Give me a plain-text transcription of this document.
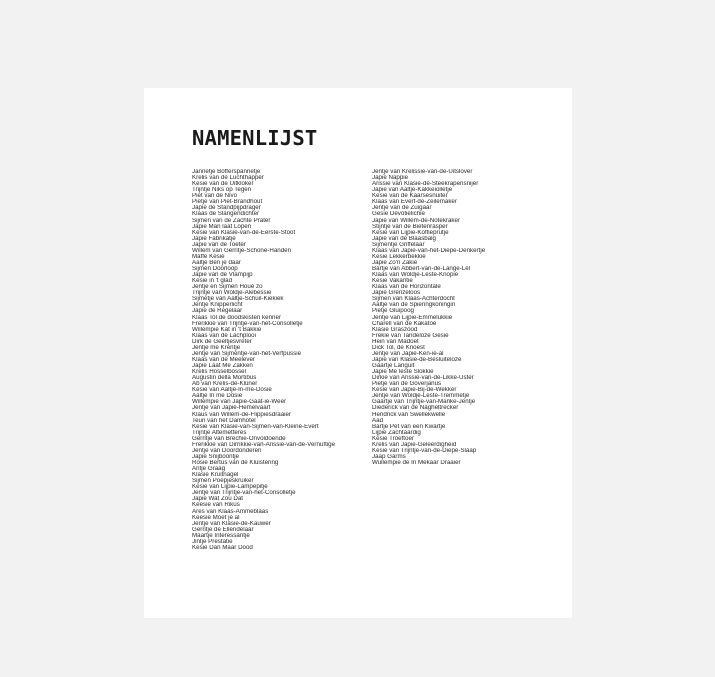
NAMENLIJST
Jannetje Bofferspannetje
Krelis van de Luchthapper
Kesie van de Uitkloker
Trijntje Niks op Tegen
Piet van de Nivo
Pietje van Piet-Brandhout
Japie de Standpijpdrager
Klaas de Slangendichter
Sijmen van de Zachte Prater
Japie Man laat Lopen
Kesie van Klasie-van-de-Eerste-Stoot
Japie Fabrikatje
Japie van de Toeter
Willem van Gerritje-Schone-Handen
Maffe Kesie
Aaltje Ben je daar
Sijmen Doorloop
Japie van de Vlampijp
Kesie in 't glad
Jentje en Sijmen Houé zo
Trijntje van Woldje-Alebessie
Sijmetje van Aaltje-Schuil-Kiekiek
Jentje Knipperlicht
Japie de Regelaar
Klaas Tol de doodskisten kenner
Frerikkie van Trijntje-van-het-Consolletje
Willempie Kat in 't Bakkie
Klaas van de Lachplooi
Dirk de Geeltjesvreter
Jentje me Krentje
Jentje van Sijmentje-van-het-Verfpussie
Klaas van de Meelever
Japie Laat Me Zakken
Krelis Hosselbossel
Augustin della Mortibus
Ab van Krelis-de-Klûner
Kesie van Aaltje-In-me-Dosie
Aaltje In me Dosie
Willempie van Japie-Gaat-ie-Weer
Jentje van Japie-Hemelvaart
Klaus van Willem-de-Flippiesdraaier
Teun van het Damhotel
Kesie van Klasie-van-Sijmen-van-Kleine-Evert
Trijntje Altemetteres
Gerritje van Brechie-Onvoldoende
Frerikkie van Dirrikkie-van-Arissie-van-de-Vernuftige
Jentje van Doordonderen
Japie Snijboontje
Rosie Bertus van de Kluistering
Antje Graag
Klasie Kruitnagel
Sijmen Poepjeskruiker
Kesie van Lijpie-Lampepitje
Jentje van Trijntje-van-het-Consolletje
Japie Wat Zou Dat
Keesie van Rikus
Ares van Klaas-Ammeblaas
Keesie Moet je al
Jentje van Klasie-de-Kauwer
Gerritje de Ellendelaar
Maartje Interessantje
Jintje Prestatie
Kesie Dan Maar Dood
Jentje van Krelissie-van-de-Uitslover
Japie Nappie
Arissie van Klasie-de-Steekrapensnijer
Japie van Aaltje-Kakkeiolletje
Kesie van de Kaarsesnuiter
Klaas van Evert-de-Zeilemaker
Jentje van de Zuigaar
Gesie Devotielichie
Japie van Willem-de-Notekraker
Stijntje van de Bietenrasper
Kesie van Lijpie-Koffieprutje
Japie van de Blaasbalg
Sijmentje Griffelaar
Klaas van Japie-van-het-Diepe-Denkertje
Kesie Lekkerbekkie
Japie Zo'n Zakie
Bartje van Abbert-van-de-Lange-Lel
Klaas van Woldje-Leste-Knopie
Kesie Vakantie
Klaas van de Horizontale
Japie Grenzeloos
Sijmen van Klaas-Achterdocht
Aaltje van de Spieringkoningin
Pietje Gluipoog
Jentje van Lijpie-Emmelukkie
Charell van de Kakatoe
Klasie Graszood
Frekie van Tandeloze Gesie
Hein van Madoet
Dick Tol, de Knoest
Jentje van Japie-Ken-ie-al
Japie van Klasie-de-Besluiteloze
Gaartje Languit
Japie Me leste Slokkie
Dirkie van Arissie-van-de-Likke-Uster
Pietje van de Goverjanus
Kesie van Japie-Bij-de-Wekker
Jentje van Woldje-Leste-Tremmetje
Gaartje van Trijntje-van-Manke-Jentje
Diederick van de Nagheltrecker
Hendrick van Swellekwelle
Aad
Bartje Pet van een Kwartje
Lijpie Zachtaardig
Kesie Troeftoer
Krelis van Japie-Geleerdigheid
Kesie van Trijntje-van-de-Diepe-Slaap
Jaap Garms
Wullempie de In Mekaar Draaier
